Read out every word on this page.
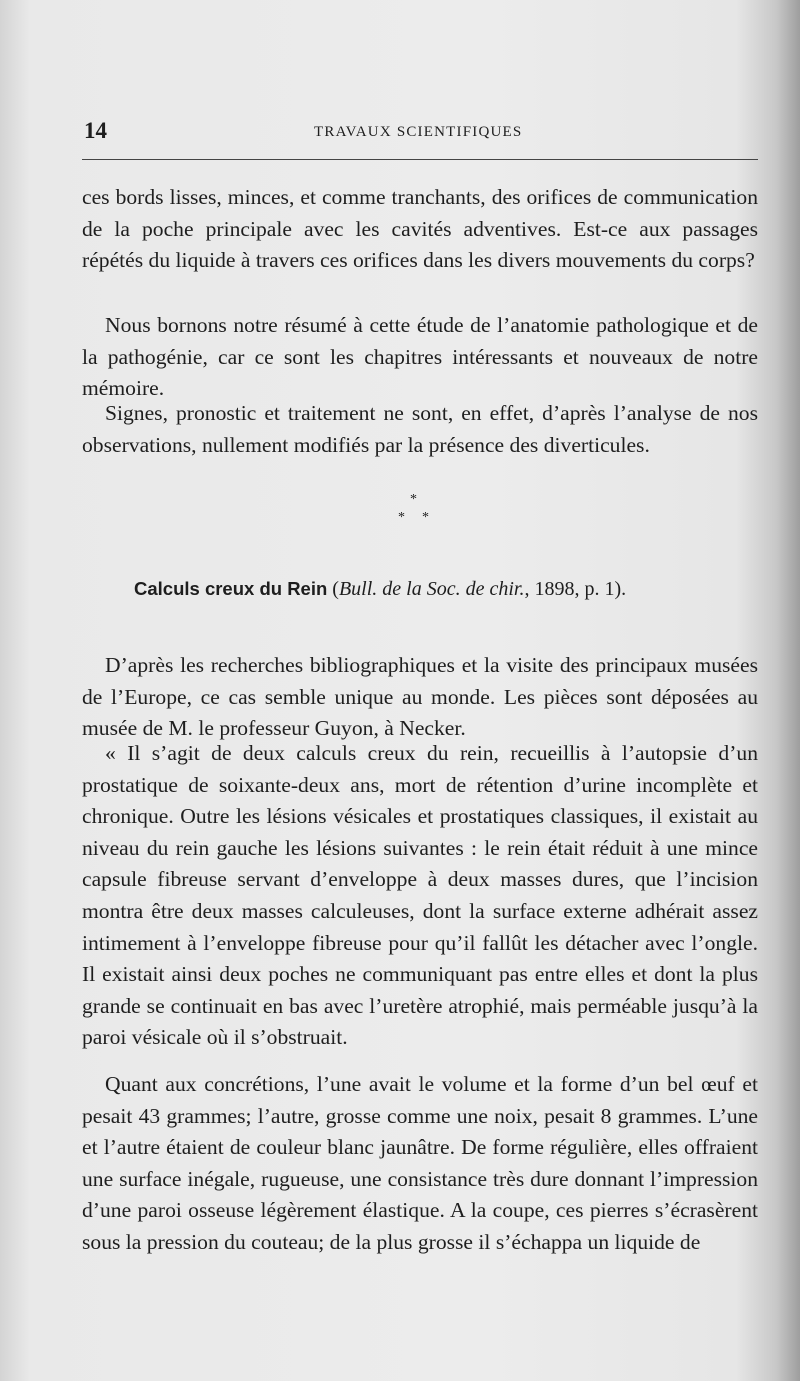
14	TRAVAUX SCIENTIFIQUES

ces bords lisses, minces, et comme tranchants, des orifices de communication de la poche principale avec les cavités adventives. Est-ce aux passages répétés du liquide à travers ces orifices dans les divers mouvements du corps?

Nous bornons notre résumé à cette étude de l’anatomie pathologique et de la pathogénie, car ce sont les chapitres intéressants et nouveaux de notre mémoire.

Signes, pronostic et traitement ne sont, en effet, d’après l’analyse de nos observations, nullement modifiés par la présence des diverticules.

*
* *
Calculs creux du Rein (Bull. de la Soc. de chir., 1898, p. 1).

D’après les recherches bibliographiques et la visite des principaux musées de l’Europe, ce cas semble unique au monde. Les pièces sont déposées au musée de M. le professeur Guyon, à Necker.

« Il s’agit de deux calculs creux du rein, recueillis à l’autopsie d’un prostatique de soixante-deux ans, mort de rétention d’urine incomplète et chronique. Outre les lésions vésicales et prostatiques classiques, il existait au niveau du rein gauche les lésions suivantes : le rein était réduit à une mince capsule fibreuse servant d’enveloppe à deux masses dures, que l’incision montra être deux masses calculeuses, dont la surface externe adhérait assez intimement à l’enveloppe fibreuse pour qu’il fallût les détacher avec l’ongle. Il existait ainsi deux poches ne communiquant pas entre elles et dont la plus grande se continuait en bas avec l’uretère atrophié, mais perméable jusqu’à la paroi vésicale où il s’obstruait.

Quant aux concrétions, l’une avait le volume et la forme d’un bel œuf et pesait 43 grammes; l’autre, grosse comme une noix, pesait 8 grammes. L’une et l’autre étaient de couleur blanc jaunâtre. De forme régulière, elles offraient une surface inégale, rugueuse, une consistance très dure donnant l’impression d’une paroi osseuse légèrement élastique. A la coupe, ces pierres s’écrasèrent sous la pression du couteau; de la plus grosse il s’échappa un liquide de
